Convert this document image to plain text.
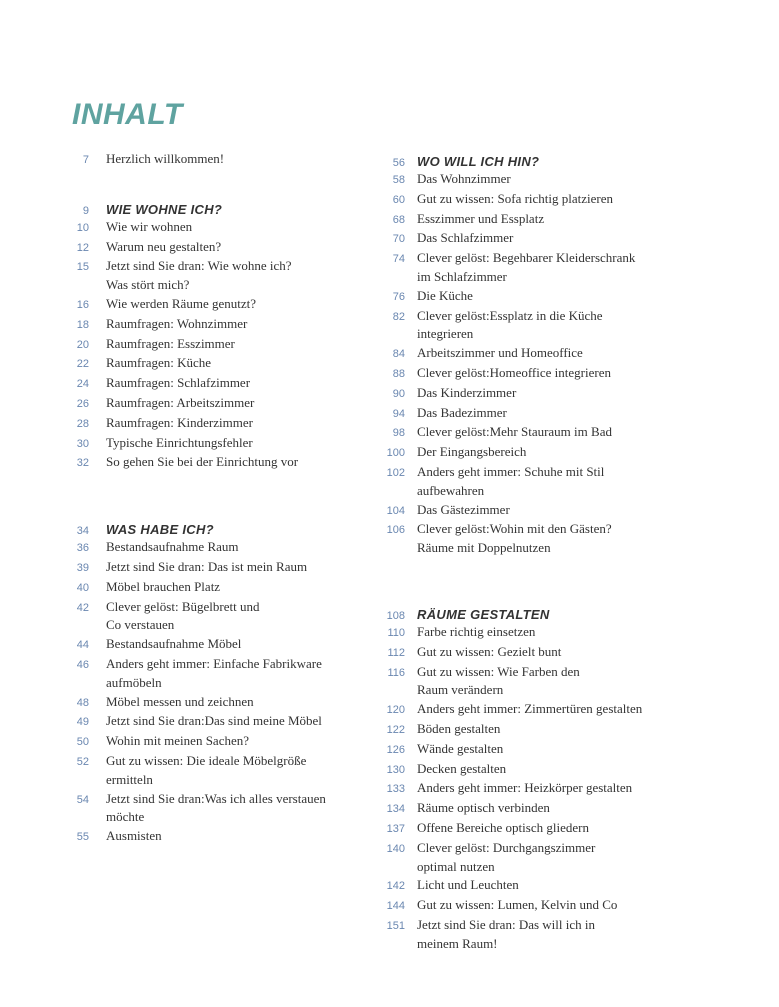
INHALT
7 Herzlich willkommen!
9 WIE WOHNE ICH?
10 Wie wir wohnen
12 Warum neu gestalten?
15 Jetzt sind Sie dran: Wie wohne ich?
Was stört mich?
16 Wie werden Räume genutzt?
18 Raumfragen: Wohnzimmer
20 Raumfragen: Esszimmer
22 Raumfragen: Küche
24 Raumfragen: Schlafzimmer
26 Raumfragen: Arbeitszimmer
28 Raumfragen: Kinderzimmer
30 Typische Einrichtungsfehler
32 So gehen Sie bei der Einrichtung vor
34 WAS HABE ICH?
36 Bestandsaufnahme Raum
39 Jetzt sind Sie dran: Das ist mein Raum
40 Möbel brauchen Platz
42 Clever gelöst: Bügelbrett und
Co verstauen
44 Bestandsaufnahme Möbel
46 Anders geht immer: Einfache Fabrikware
aufmöbeln
48 Möbel messen und zeichnen
49 Jetzt sind Sie dran:Das sind meine Möbel
50 Wohin mit meinen Sachen?
52 Gut zu wissen: Die ideale Möbelgröße
ermitteln
54 Jetzt sind Sie dran:Was ich alles verstauen
möchte
55 Ausmisten
56 WO WILL ICH HIN?
58 Das Wohnzimmer
60 Gut zu wissen: Sofa richtig platzieren
68 Esszimmer und Essplatz
70 Das Schlafzimmer
74 Clever gelöst: Begehbarer Kleiderschrank
im Schlafzimmer
76 Die Küche
82 Clever gelöst:Essplatz in die Küche
integrieren
84 Arbeitszimmer und Homeoffice
88 Clever gelöst:Homeoffice integrieren
90 Das Kinderzimmer
94 Das Badezimmer
98 Clever gelöst:Mehr Stauraum im Bad
100 Der Eingangsbereich
102 Anders geht immer: Schuhe mit Stil
aufbewahren
104 Das Gästezimmer
106 Clever gelöst:Wohin mit den Gästen?
Räume mit Doppelnutzen
108 RÄUME GESTALTEN
110 Farbe richtig einsetzen
112 Gut zu wissen: Gezielt bunt
116 Gut zu wissen: Wie Farben den
Raum verändern
120 Anders geht immer: Zimmertüren gestalten
122 Böden gestalten
126 Wände gestalten
130 Decken gestalten
133 Anders geht immer: Heizkörper gestalten
134 Räume optisch verbinden
137 Offene Bereiche optisch gliedern
140 Clever gelöst: Durchgangszimmer
optimal nutzen
142 Licht und Leuchten
144 Gut zu wissen: Lumen, Kelvin und Co
151 Jetzt sind Sie dran: Das will ich in
meinem Raum!
